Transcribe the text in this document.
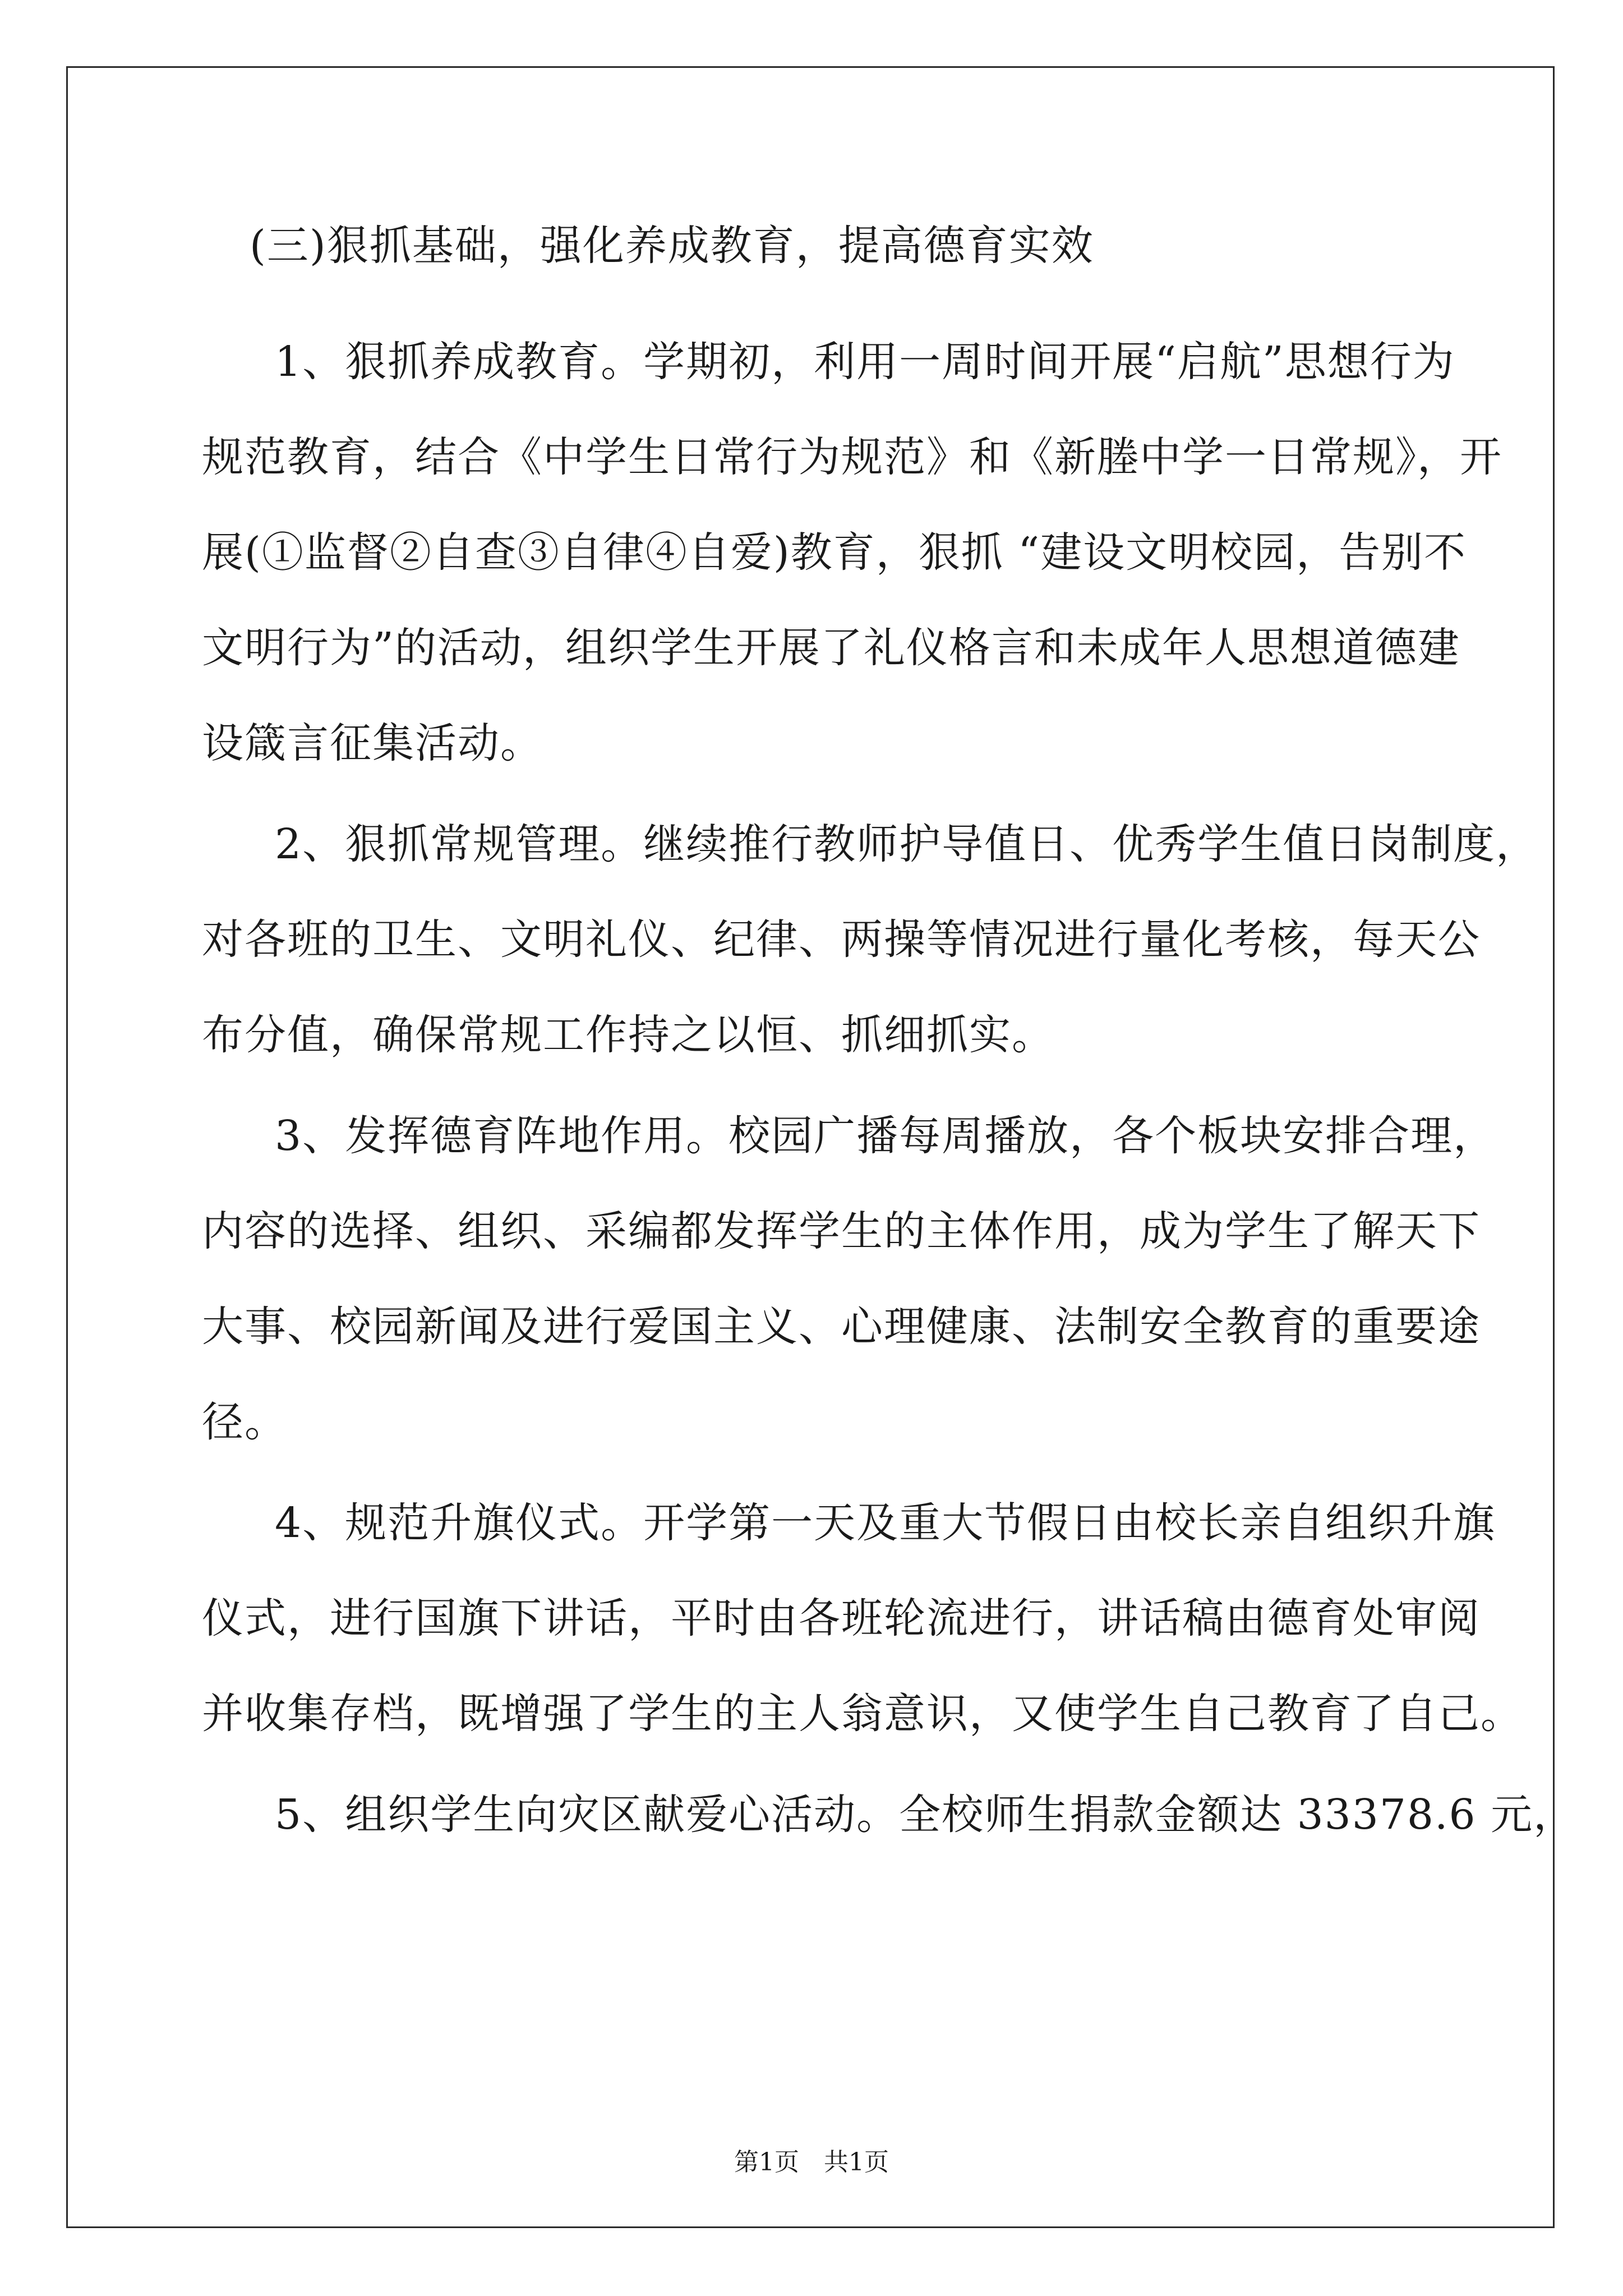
(三)狠抓基础，强化养成教育，提高德育实效
1、狠抓养成教育。学期初，利用一周时间开展“启航”思想行为
规范教育，结合《中学生日常行为规范》和《新塍中学一日常规》，开
展(①监督②自查③自律④自爱)教育，狠抓 “建设文明校园，告别不
文明行为”的活动，组织学生开展了礼仪格言和未成年人思想道德建
设箴言征集活动。
2、狠抓常规管理。继续推行教师护导值日、优秀学生值日岗制度，
对各班的卫生、文明礼仪、纪律、两操等情况进行量化考核，每天公
布分值，确保常规工作持之以恒、抓细抓实。
3、发挥德育阵地作用。校园广播每周播放，各个板块安排合理，
内容的选择、组织、采编都发挥学生的主体作用，成为学生了解天下
大事、校园新闻及进行爱国主义、心理健康、法制安全教育的重要途
径。
4、规范升旗仪式。开学第一天及重大节假日由校长亲自组织升旗
仪式，进行国旗下讲话，平时由各班轮流进行，讲话稿由德育处审阅
并收集存档，既增强了学生的主人翁意识，又使学生自己教育了自己。
5、组织学生向灾区献爱心活动。全校师生捐款金额达 33378.6 元，
第1页　共1页
